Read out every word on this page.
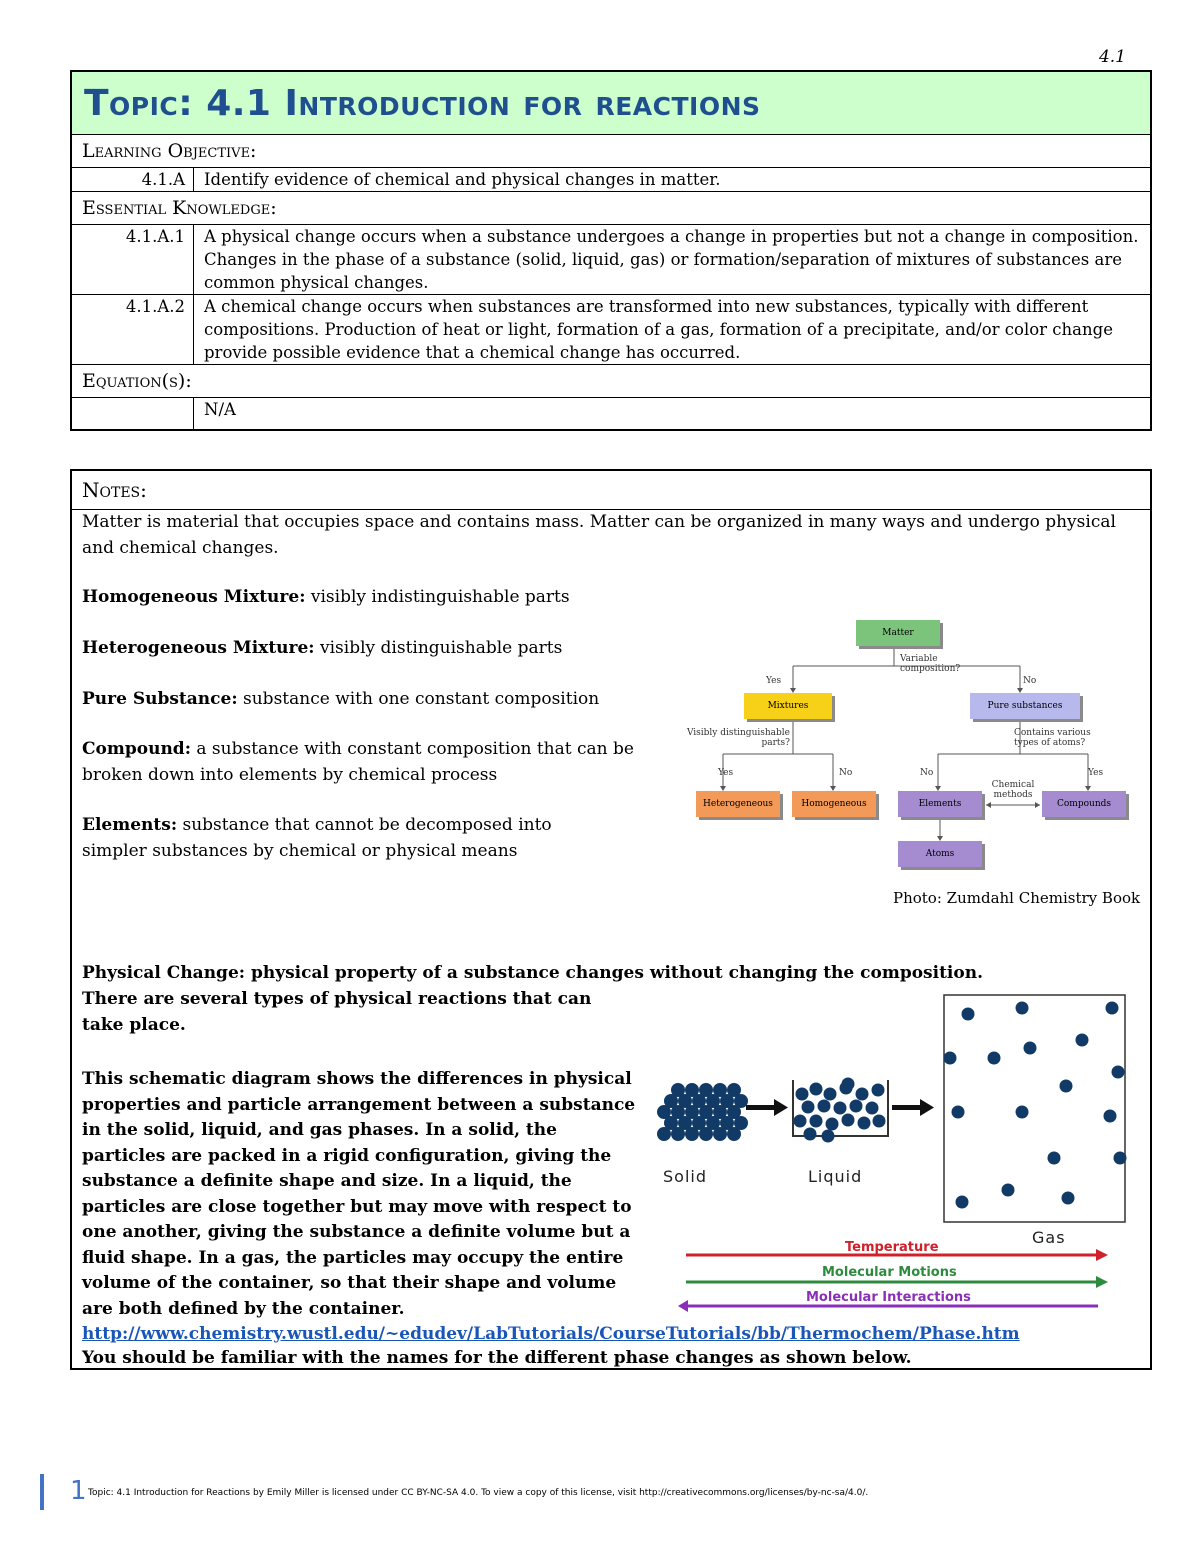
4.1
Topic: 4.1 Introduction for reactions
Learning Objective:
4.1.A	Identify evidence of chemical and physical changes in matter.
Essential Knowledge:
4.1.A.1	A physical change occurs when a substance undergoes a change in properties but not a change in composition. Changes in the phase of a substance (solid, liquid, gas) or formation/separation of mixtures of substances are common physical changes.
4.1.A.2	A chemical change occurs when substances are transformed into new substances, typically with different compositions. Production of heat or light, formation of a gas, formation of a precipitate, and/or color change provide possible evidence that a chemical change has occurred.
Equation(s):
N/A
Notes:
Matter is material that occupies space and contains mass. Matter can be organized in many ways and undergo physical and chemical changes.
Homogeneous Mixture: visibly indistinguishable parts
Heterogeneous Mixture: visibly distinguishable parts
Pure Substance: substance with one constant composition
Compound: a substance with constant composition that can be broken down into elements by chemical process
Elements: substance that cannot be decomposed into simpler substances by chemical or physical means
Matter
Variable composition?
Yes	No
Mixtures	Pure substances
Visibly distinguishable parts?
Contains various types of atoms?
Yes	No	No	Yes
Heterogeneous	Homogeneous	Elements
Chemical methods
Compounds
Atoms
Photo: Zumdahl Chemistry Book
Physical Change: physical property of a substance changes without changing the composition.
There are several types of physical reactions that can take place.
This schematic diagram shows the differences in physical properties and particle arrangement between a substance in the solid, liquid, and gas phases. In a solid, the particles are packed in a rigid configuration, giving the substance a definite shape and size. In a liquid, the particles are close together but may move with respect to one another, giving the substance a definite volume but a fluid shape. In a gas, the particles may occupy the entire volume of the container, so that their shape and volume are both defined by the container.
Solid	Liquid
Gas
Temperature
Molecular Motions
Molecular Interactions
http://www.chemistry.wustl.edu/~edudev/LabTutorials/CourseTutorials/bb/Thermochem/Phase.htm
You should be familiar with the names for the different phase changes as shown below.
1 Topic: 4.1 Introduction for Reactions by Emily Miller is licensed under CC BY-NC-SA 4.0. To view a copy of this license, visit http://creativecommons.org/licenses/by-nc-sa/4.0/.
